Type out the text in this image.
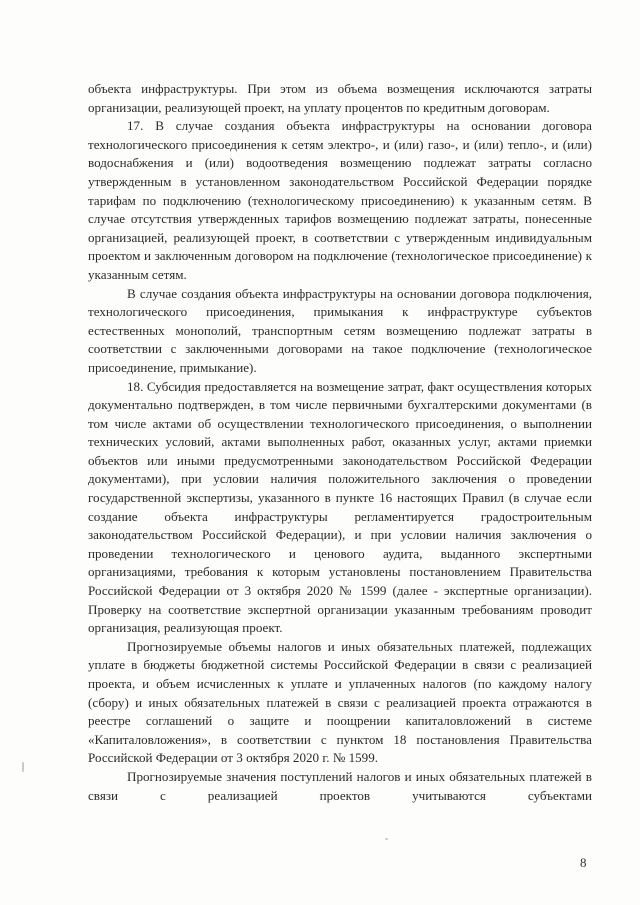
объекта инфраструктуры. При этом из объема возмещения исключаются затраты организации, реализующей проект, на уплату процентов по кредитным договорам.

17. В случае создания объекта инфраструктуры на основании договора технологического присоединения к сетям электро-, и (или) газо-, и (или) тепло-, и (или) водоснабжения и (или) водоотведения возмещению подлежат затраты согласно утвержденным в установленном законодательством Российской Федерации порядке тарифам по подключению (технологическому присоединению) к указанным сетям. В случае отсутствия утвержденных тарифов возмещению подлежат затраты, понесенные организацией, реализующей проект, в соответствии с утвержденным индивидуальным проектом и заключенным договором на подключение (технологическое присоединение) к указанным сетям.

В случае создания объекта инфраструктуры на основании договора подключения, технологического присоединения, примыкания к инфраструктуре субъектов естественных монополий, транспортным сетям возмещению подлежат затраты в соответствии с заключенными договорами на такое подключение (технологическое присоединение, примыкание).

18. Субсидия предоставляется на возмещение затрат, факт осуществления которых документально подтвержден, в том числе первичными бухгалтерскими документами (в том числе актами об осуществлении технологического присоединения, о выполнении технических условий, актами выполненных работ, оказанных услуг, актами приемки объектов или иными предусмотренными законодательством Российской Федерации документами), при условии наличия положительного заключения о проведении государственной экспертизы, указанного в пункте 16 настоящих Правил (в случае если создание объекта инфраструктуры регламентируется градостроительным законодательством Российской Федерации), и при условии наличия заключения о проведении технологического и ценового аудита, выданного экспертными организациями, требования к которым установлены постановлением Правительства Российской Федерации от 3 октября 2020 № 1599 (далее - экспертные организации). Проверку на соответствие экспертной организации указанным требованиям проводит организация, реализующая проект.

Прогнозируемые объемы налогов и иных обязательных платежей, подлежащих уплате в бюджеты бюджетной системы Российской Федерации в связи с реализацией проекта, и объем исчисленных к уплате и уплаченных налогов (по каждому налогу (сбору) и иных обязательных платежей в связи с реализацией проекта отражаются в реестре соглашений о защите и поощрении капиталовложений в системе «Капиталовложения», в соответствии с пунктом 18 постановления Правительства Российской Федерации от 3 октября 2020 г. № 1599.

Прогнозируемые значения поступлений налогов и иных обязательных платежей в связи с реализацией проектов учитываются субъектами

8
